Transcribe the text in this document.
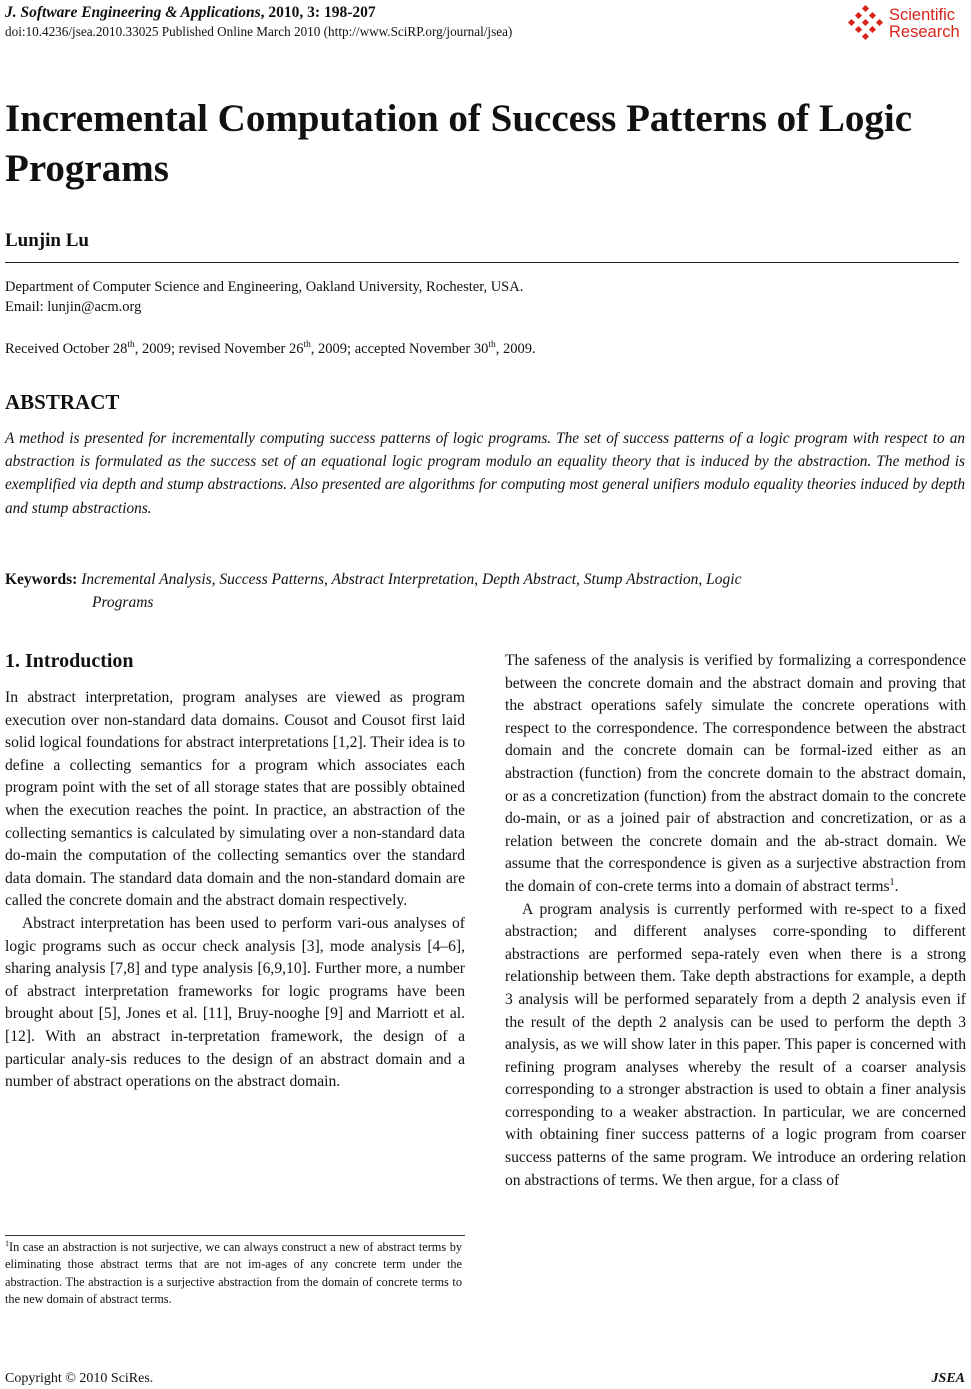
J. Software Engineering & Applications, 2010, 3: 198-207
doi:10.4236/jsea.2010.33025 Published Online March 2010 (http://www.SciRP.org/journal/jsea)
Scientific
Research
Incremental Computation of Success Patterns of Logic Programs
Lunjin Lu
Department of Computer Science and Engineering, Oakland University, Rochester, USA.
Email: lunjin@acm.org
Received October 28th, 2009; revised November 26th, 2009; accepted November 30th, 2009.
ABSTRACT
A method is presented for incrementally computing success patterns of logic programs. The set of success patterns of a logic program with respect to an abstraction is formulated as the success set of an equational logic program modulo an equality theory that is induced by the abstraction. The method is exemplified via depth and stump abstractions. Also presented are algorithms for computing most general unifiers modulo equality theories induced by depth and stump abstractions.
Keywords: Incremental Analysis, Success Patterns, Abstract Interpretation, Depth Abstract, Stump Abstraction, Logic
Programs
1. Introduction

In abstract interpretation, program analyses are viewed as program execution over non-standard data domains. Cousot and Cousot first laid solid logical foundations for abstract interpretations [1,2]. Their idea is to define a collecting semantics for a program which associates each program point with the set of all storage states that are possibly obtained when the execution reaches the point. In practice, an abstraction of the collecting semantics is calculated by simulating over a non-standard data do-main the computation of the collecting semantics over the standard data domain. The standard data domain and the non-standard domain are called the concrete domain and the abstract domain respectively.

Abstract interpretation has been used to perform vari-ous analyses of logic programs such as occur check analysis [3], mode analysis [4–6], sharing analysis [7,8] and type analysis [6,9,10]. Further more, a number of abstract interpretation frameworks for logic programs have been brought about [5], Jones et al. [11], Bruy-nooghe [9] and Marriott et al. [12]. With an abstract in-terpretation framework, the design of a particular analy-sis reduces to the design of an abstract domain and a number of abstract operations on the abstract domain.

The safeness of the analysis is verified by formalizing a correspondence between the concrete domain and the abstract domain and proving that the abstract operations safely simulate the concrete operations with respect to the correspondence. The correspondence between the abstract domain and the concrete domain can be formal-ized either as an abstraction (function) from the concrete domain to the abstract domain, or as a concretization (function) from the abstract domain to the concrete do-main, or as a joined pair of abstraction and concretization, or as a relation between the concrete domain and the ab-stract domain. We assume that the correspondence is given as a surjective abstraction from the domain of con-crete terms into a domain of abstract terms$^1$.

A program analysis is currently performed with re-spect to a fixed abstraction; and different analyses corre-sponding to different abstractions are performed sepa-rately even when there is a strong relationship between them. Take depth abstractions for example, a depth 3 analysis will be performed separately from a depth 2 analysis even if the result of the depth 2 analysis can be used to perform the depth 3 analysis, as we will show later in this paper. This paper is concerned with refining program analyses whereby the result of a coarser analysis corresponding to a stronger abstraction is used to obtain a finer analysis corresponding to a weaker abstraction. In particular, we are concerned with obtaining finer success patterns of a logic program from coarser success patterns of the same program. We introduce an ordering relation on abstractions of terms. We then argue, for a class of

$^1$In case an abstraction is not surjective, we can always construct a new of abstract terms by eliminating those abstract terms that are not im-ages of any concrete term under the abstraction. The abstraction is a surjective abstraction from the domain of concrete terms to the new domain of abstract terms.
Copyright © 2010 SciRes.	JSEA
